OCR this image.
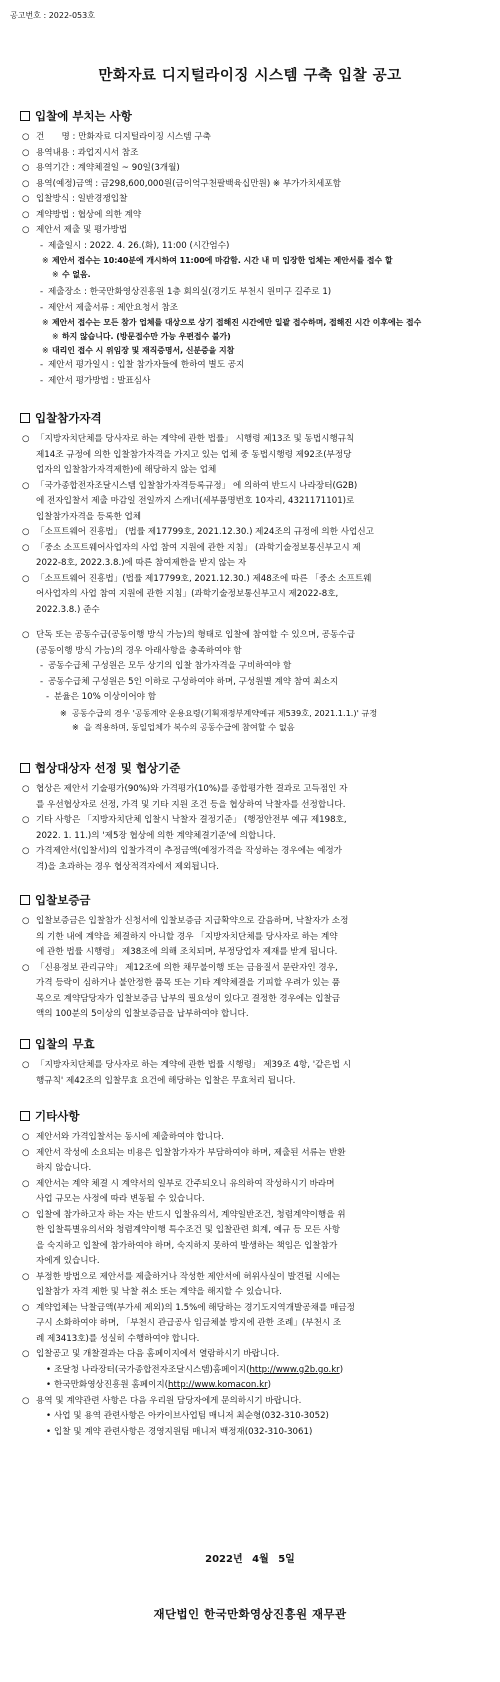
공고번호 : 2022-053호
만화자료 디지털라이징 시스템 구축 입찰 공고
입찰에 부치는 사항
○ 건　　명 : 만화자료 디지털라이징 시스템 구축
○ 용역내용 : 과업지시서 참조
○ 용역기간 : 계약체결일 ~ 90일(3개월)
○ 용역(예정)금액 : 금298,600,000원(금이억구천팔백육십만원) ※ 부가가치세포함
○ 입찰방식 : 일반경쟁입찰
○ 계약방법 : 협상에 의한 계약
○ 제안서 제출 및 평가방법
- 제출일시 : 2022. 4. 26.(화), 11:00 (시간엄수)
※ 제안서 접수는 10:40분에 개시하여 11:00에 마감함. 시간 내 미 입장한 업체는 제안서를 접수 할
※ 수 없음.
- 제출장소 : 한국만화영상진흥원 1층 회의실(경기도 부천시 원미구 길주로 1)
- 제안서 제출서류 : 제안요청서 참조
※ 제안서 접수는 모든 참가 업체를 대상으로 상기 접해진 시간에만 일괄 접수하며, 접해진 시간 이후에는 접수
※ 하지 않습니다. (방문접수만 가능 우편접수 불가)
※ 대리인 접수 시 위임장 및 재직증명서, 신분증을 지참
- 제안서 평가일시 : 입찰 참가자들에 한하여 별도 공지
- 제안서 평가방법 : 발표심사
입찰참가자격
○ 「지방자치단체를 당사자로 하는 계약에 관한 법률」 시행령 제13조 및 동법시행규칙
제14조 규정에 의한 입찰참가자격을 가지고 있는 업체 중 동법시행령 제92조(부정당
업자의 입찰참가자격제한)에 해당하지 않는 업체
○ 「국가종합전자조달시스템 입찰참가자격등록규정」 에 의하여 반드시 나라장터(G2B)
에 전자입찰서 제출 마감일 전일까지 스캐너(세부품명번호 10자리, 4321171101)로
입찰참가자격을 등록한 업체
○ 「소프트웨어 진흥법」 (법률 제17799호, 2021.12.30.) 제24조의 규정에 의한 사업신고
○ 「중소 소프트웨어사업자의 사업 참여 지원에 관한 지침」 (과학기술정보통신부고시 제
2022-8호, 2022.3.8.)에 따른 참여제한을 받지 않는 자
○ 「소프트웨어 진흥법」(법률 제17799호, 2021.12.30.) 제48조에 따른 「중소 소프트웨
어사업자의 사업 참여 지원에 관한 지침」(과학기술정보통신부고시 제2022-8호,
2022.3.8.) 준수
○ 단독 또는 공동수급(공동이행 방식 가능)의 형태로 입찰에 참여할 수 있으며, 공동수급
(공동이행 방식 가능)의 경우 아래사항을 충족하여야 함
- 공동수급체 구성원은 모두 상기의 입찰 참가자격을 구비하여야 함
- 공동수급체 구성원은 5인 이하로 구성하여야 하며, 구성원별 계약 참여 최소지
- 분율은 10% 이상이어야 함
※ 공동수급의 경우 '공동계약 운용요령(기획재정부계약예규 제539호, 2021.1.1.)' 규정
※ 을 적용하며, 동일업체가 복수의 공동수급에 참여할 수 없음
협상대상자 선정 및 협상기준
○ 협상은 제안서 기술평가(90%)와 가격평가(10%)를 종합평가한 결과로 고득점인 자
를 우선협상자로 선정, 가격 및 기타 지원 조건 등을 협상하여 낙찰자를 선정합니다.
○ 기타 사항은 「지방자치단체 입찰시 낙찰자 결정기준」 (행정안전부 예규 제198호,
2022. 1. 11.)의 '제5장 협상에 의한 계약체결기준'에 의합니다.
○ 가격제안서(입찰서)의 입찰가격이 추정금액(예정가격을 작성하는 경우에는 예정가
격)을 초과하는 경우 협상적격자에서 제외됩니다.
입찰보증금
○ 입찰보증금은 입찰참가 신청서에 입찰보증금 지급확약으로 갈음하며, 낙찰자가 소정
의 기한 내에 계약을 체결하지 아니할 경우 「지방자치단체를 당사자로 하는 계약
에 관한 법률 시행령」 제38조에 의해 조치되며, 부정당업자 제재를 받게 됩니다.
○ 「신용정보 관리규약」 제12조에 의한 채무불이행 또는 금융질서 문란자인 경우,
가격 등락이 심하거나 불안정한 품목 또는 기타 계약체결을 기피할 우려가 있는 품
목으로 계약담당자가 입찰보증금 납부의 필요성이 있다고 결정한 경우에는 입찰금
액의 100분의 5이상의 입찰보증금을 납부하여야 합니다.
입찰의 무효
○ 「지방자치단체를 당사자로 하는 계약에 관한 법률 시행령」 제39조 4항, '같은법 시
행규칙' 제42조의 입찰무효 요건에 해당하는 입찰은 무효처리 됩니다.
기타사항
○ 제안서와 가격입찰서는 동시에 제출하여야 합니다.
○ 제안서 작성에 소요되는 비용은 입찰참가자가 부담하여야 하며, 제출된 서류는 반환
하지 않습니다.
○ 제안서는 계약 체결 시 계약서의 일부로 간주되오니 유의하여 작성하시기 바라며
사업 규모는 사정에 따라 변동될 수 있습니다.
○ 입찰에 참가하고자 하는 자는 반드시 입찰유의서, 계약일반조건, 청렴계약이행을 위
한 입찰특별유의서와 청렴계약이행 특수조건 및 입찰관련 회계, 예규 등 모든 사항
을 숙지하고 입찰에 참가하여야 하며, 숙지하지 못하여 발생하는 책임은 입찰참가
자에게 있습니다.
○ 부정한 방법으로 제안서를 제출하거나 작성한 제안서에 허위사실이 발견될 시에는
입찰참가 자격 제한 및 낙찰 취소 또는 계약을 해지할 수 있습니다.
○ 계약업체는 낙찰금액(부가세 제외)의 1.5%에 해당하는 경기도지역개발공채를 매금정
구시 소화하여야 하며, 「부천시 관급공사 임금체불 방지에 관한 조례」(부천시 조
례 제3413호)를 성실히 수행하여야 합니다.
○ 입찰공고 및 개찰결과는 다음 홈페이지에서 열람하시기 바랍니다.
• 조달청 나라장터(국가종합전자조달시스템)홈페이지(http://www.g2b.go.kr)
• 한국만화영상진흥원 홈페이지(http://www.komacon.kr)
○ 용역 및 계약관련 사항은 다음 우리원 담당자에게 문의하시기 바랍니다.
• 사업 및 용역 관련사항은 아카이브사업팀 매니저 최순형(032-310-3052)
• 입찰 및 계약 관련사항은 경영지원팀 매니저 백정재(032-310-3061)
2022년 4월 5일
재단법인 한국만화영상진흥원 재무관
